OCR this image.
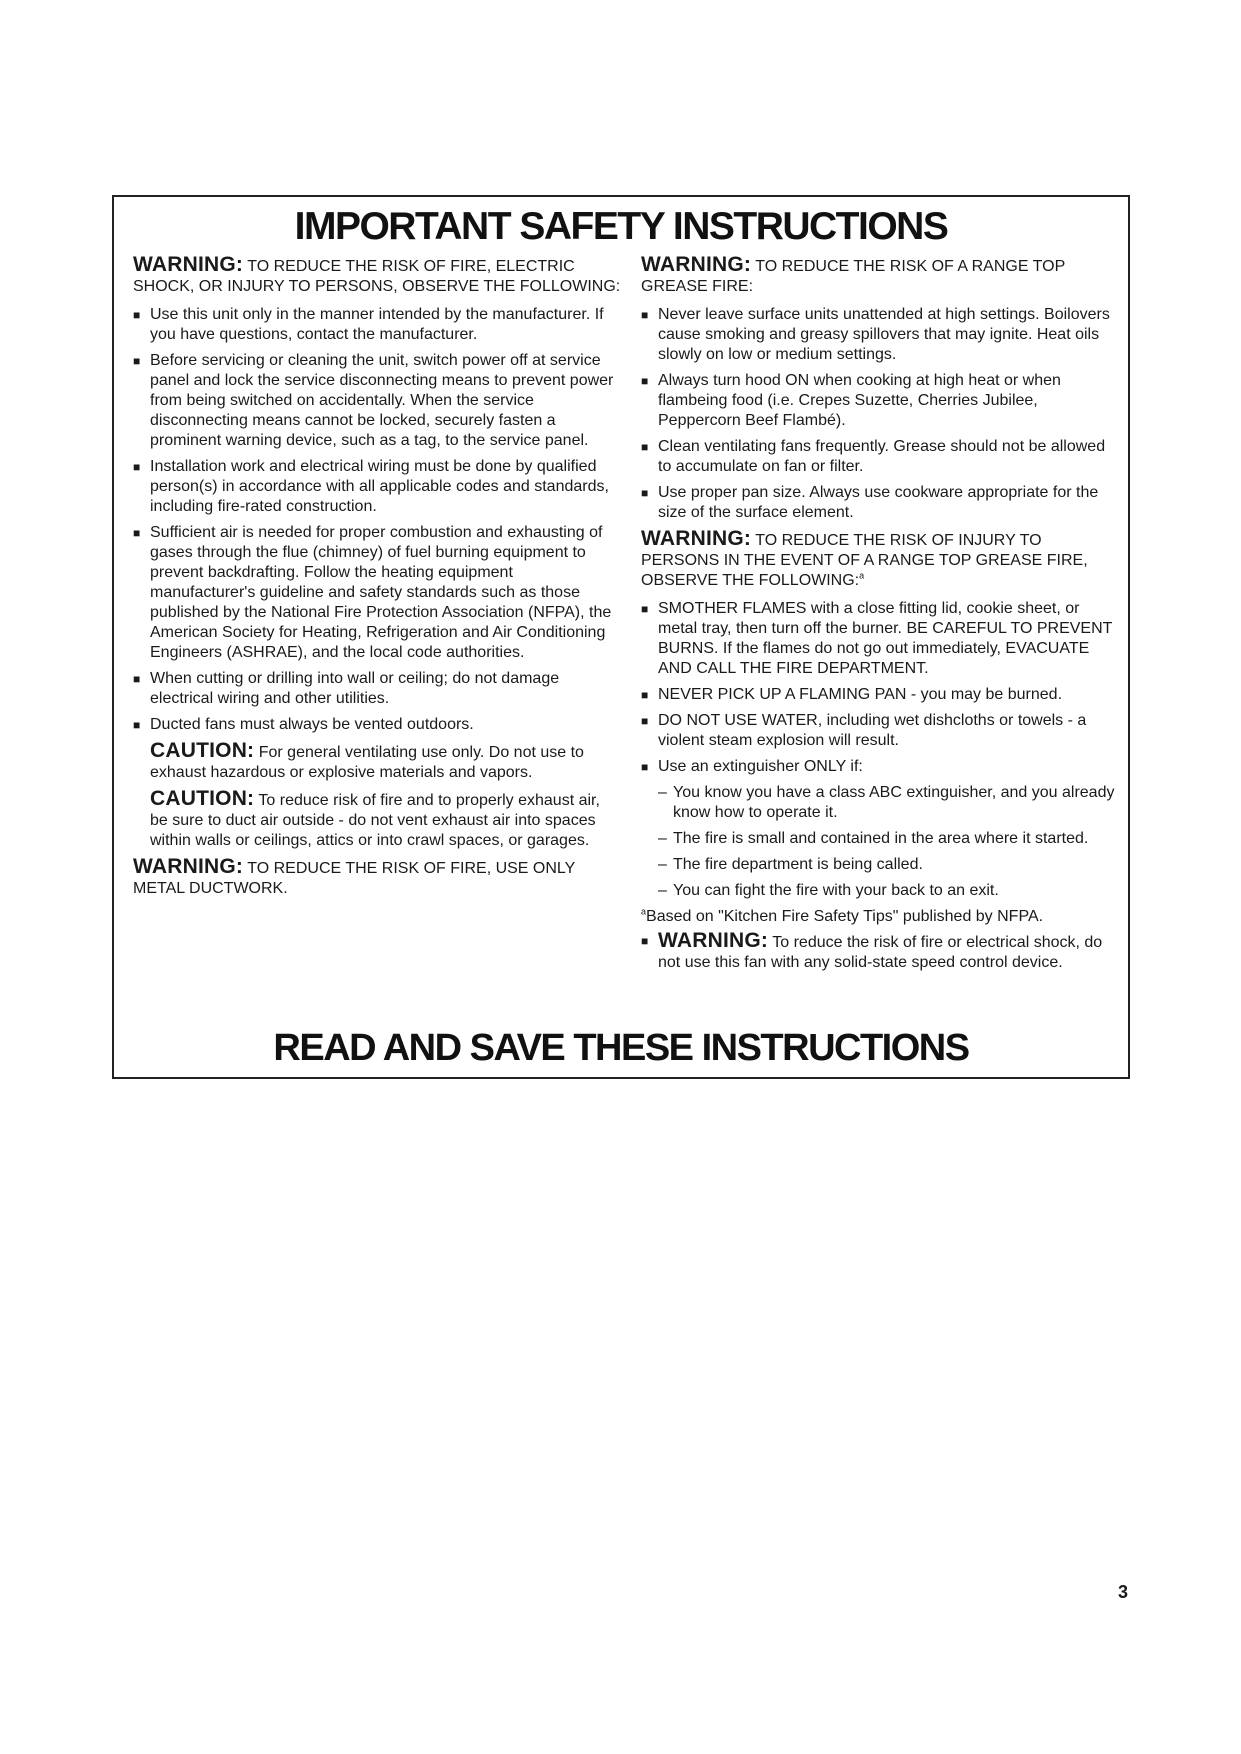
IMPORTANT SAFETY INSTRUCTIONS

WARNING: TO REDUCE THE RISK OF FIRE, ELECTRIC SHOCK, OR INJURY TO PERSONS, OBSERVE THE FOLLOWING:

■ Use this unit only in the manner intended by the manufacturer. If you have questions, contact the manufacturer.
■ Before servicing or cleaning the unit, switch power off at service panel and lock the service disconnecting means to prevent power from being switched on accidentally. When the service disconnecting means cannot be locked, securely fasten a prominent warning device, such as a tag, to the service panel.
■ Installation work and electrical wiring must be done by qualified person(s) in accordance with all applicable codes and standards, including fire-rated construction.
■ Sufficient air is needed for proper combustion and exhausting of gases through the flue (chimney) of fuel burning equipment to prevent backdrafting. Follow the heating equipment manufacturer's guideline and safety standards such as those published by the National Fire Protection Association (NFPA), the American Society for Heating, Refrigeration and Air Conditioning Engineers (ASHRAE), and the local code authorities.
■ When cutting or drilling into wall or ceiling; do not damage electrical wiring and other utilities.
■ Ducted fans must always be vented outdoors.

CAUTION: For general ventilating use only. Do not use to exhaust hazardous or explosive materials and vapors.

CAUTION: To reduce risk of fire and to properly exhaust air, be sure to duct air outside - do not vent exhaust air into spaces within walls or ceilings, attics or into crawl spaces, or garages.

WARNING: TO REDUCE THE RISK OF FIRE, USE ONLY METAL DUCTWORK.

WARNING: TO REDUCE THE RISK OF A RANGE TOP GREASE FIRE:

■ Never leave surface units unattended at high settings. Boilovers cause smoking and greasy spillovers that may ignite. Heat oils slowly on low or medium settings.
■ Always turn hood ON when cooking at high heat or when flambeing food (i.e. Crepes Suzette, Cherries Jubilee, Peppercorn Beef Flambé).
■ Clean ventilating fans frequently. Grease should not be allowed to accumulate on fan or filter.
■ Use proper pan size. Always use cookware appropriate for the size of the surface element.

WARNING: TO REDUCE THE RISK OF INJURY TO PERSONS IN THE EVENT OF A RANGE TOP GREASE FIRE, OBSERVE THE FOLLOWING:$^a$

■ SMOTHER FLAMES with a close fitting lid, cookie sheet, or metal tray, then turn off the burner. BE CAREFUL TO PREVENT BURNS. If the flames do not go out immediately, EVACUATE AND CALL THE FIRE DEPARTMENT.
■ NEVER PICK UP A FLAMING PAN - you may be burned.
■ DO NOT USE WATER, including wet dishcloths or towels - a violent steam explosion will result.
■ Use an extinguisher ONLY if:
– You know you have a class ABC extinguisher, and you already know how to operate it.
– The fire is small and contained in the area where it started.
– The fire department is being called.
– You can fight the fire with your back to an exit.

$^a$Based on "Kitchen Fire Safety Tips" published by NFPA.

■ WARNING: To reduce the risk of fire or electrical shock, do not use this fan with any solid-state speed control device.
READ AND SAVE THESE INSTRUCTIONS
3
